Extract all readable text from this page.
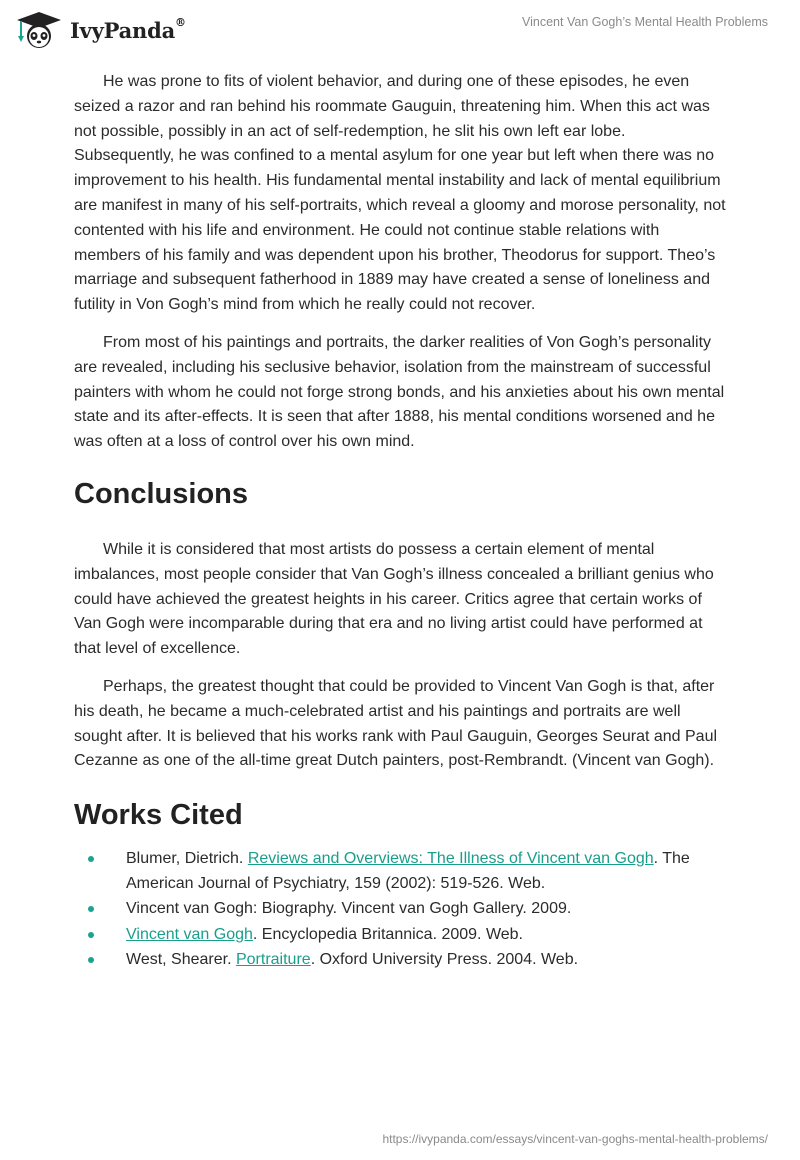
IvyPanda®	Vincent Van Gogh’s Mental Health Problems

He was prone to fits of violent behavior, and during one of these episodes, he even seized a razor and ran behind his roommate Gauguin, threatening him. When this act was not possible, possibly in an act of self-redemption, he slit his own left ear lobe. Subsequently, he was confined to a mental asylum for one year but left when there was no improvement to his health. His fundamental mental instability and lack of mental equilibrium are manifest in many of his self-portraits, which reveal a gloomy and morose personality, not contented with his life and environment. He could not continue stable relations with members of his family and was dependent upon his brother, Theodorus for support. Theo’s marriage and subsequent fatherhood in 1889 may have created a sense of loneliness and futility in Von Gogh’s mind from which he really could not recover.

From most of his paintings and portraits, the darker realities of Von Gogh’s personality are revealed, including his seclusive behavior, isolation from the mainstream of successful painters with whom he could not forge strong bonds, and his anxieties about his own mental state and its after-effects. It is seen that after 1888, his mental conditions worsened and he was often at a loss of control over his own mind.

Conclusions

While it is considered that most artists do possess a certain element of mental imbalances, most people consider that Van Gogh’s illness concealed a brilliant genius who could have achieved the greatest heights in his career. Critics agree that certain works of Van Gogh were incomparable during that era and no living artist could have performed at that level of excellence.

Perhaps, the greatest thought that could be provided to Vincent Van Gogh is that, after his death, he became a much-celebrated artist and his paintings and portraits are well sought after. It is believed that his works rank with Paul Gauguin, Georges Seurat and Paul Cezanne as one of the all-time great Dutch painters, post-Rembrandt. (Vincent van Gogh).

Works Cited
Blumer, Dietrich. Reviews and Overviews: The Illness of Vincent van Gogh. The American Journal of Psychiatry, 159 (2002): 519-526. Web.
Vincent van Gogh: Biography. Vincent van Gogh Gallery. 2009.
Vincent van Gogh. Encyclopedia Britannica. 2009. Web.
West, Shearer. Portraiture. Oxford University Press. 2004. Web.
https://ivypanda.com/essays/vincent-van-goghs-mental-health-problems/
